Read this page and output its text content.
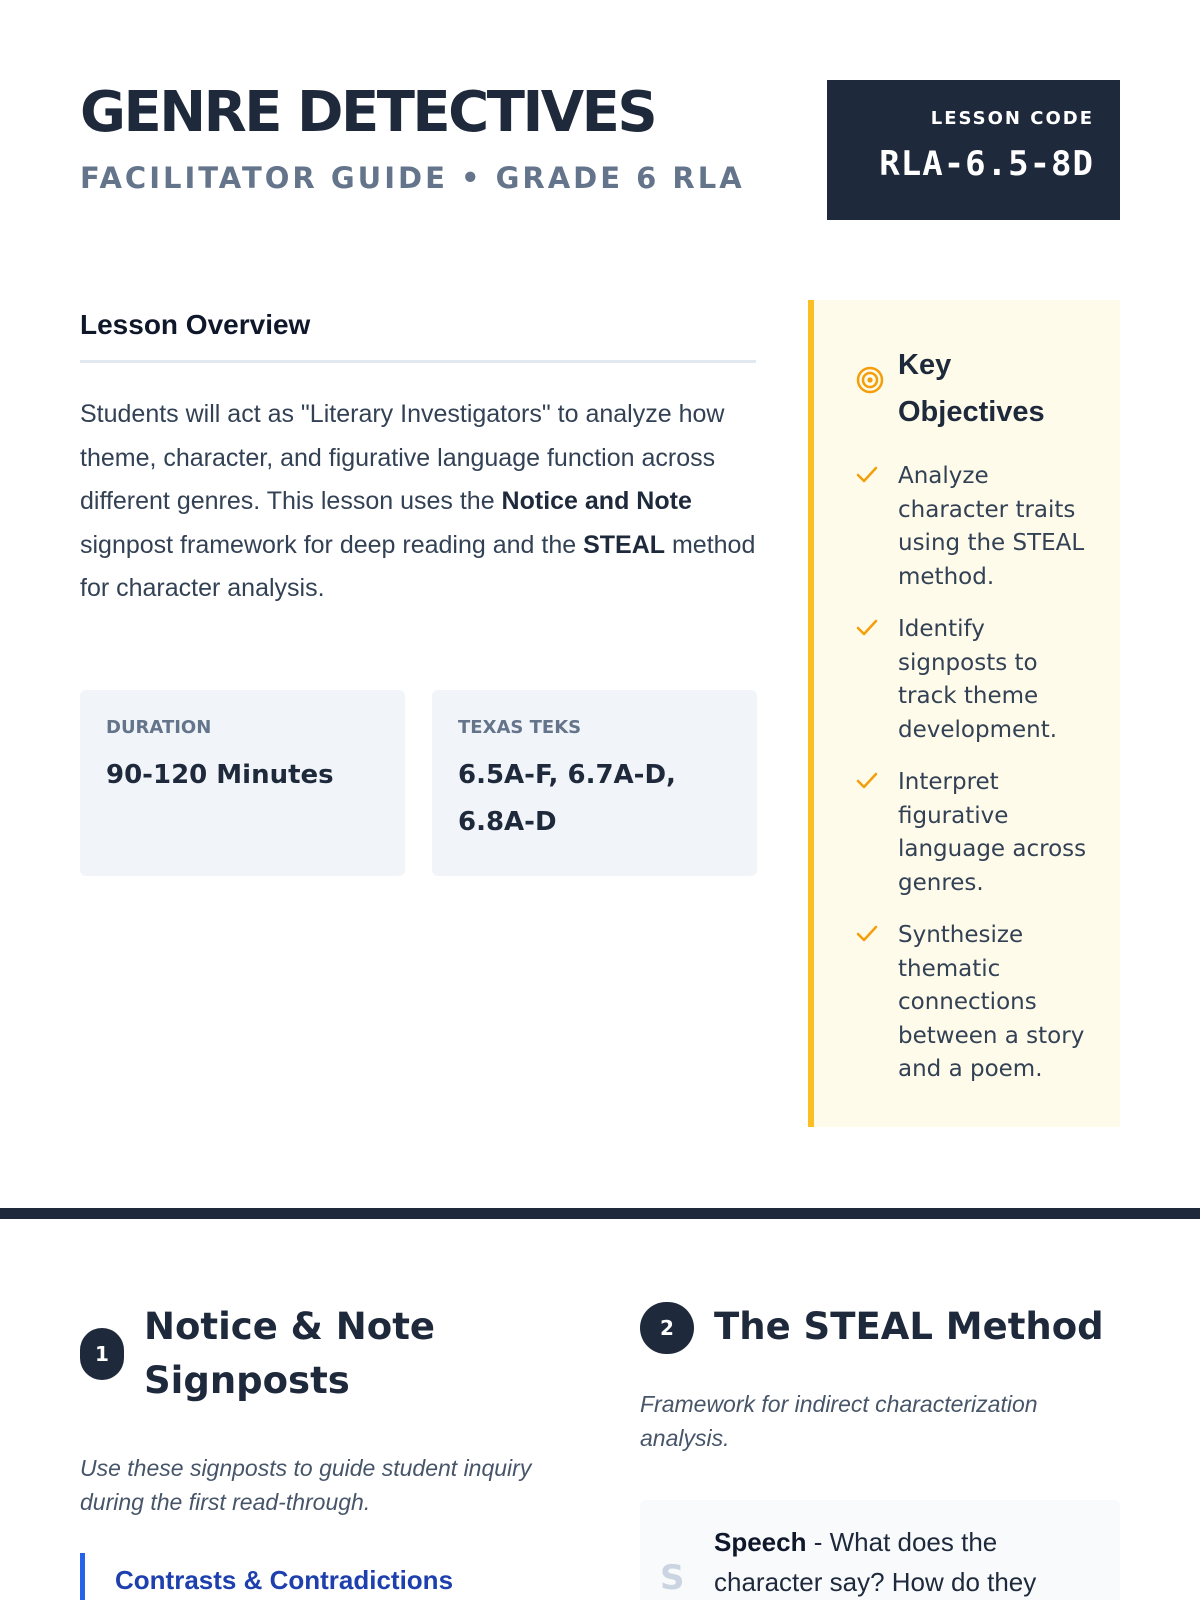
GENRE DETECTIVES
FACILITATOR GUIDE • GRADE 6 RLA
LESSON CODE
RLA-6.5-8D
Lesson Overview

Students will act as "Literary Investigators" to analyze how theme, character, and figurative language function across different genres. This lesson uses the Notice and Note signpost framework for deep reading and the STEAL method for character analysis.

DURATION
90-120 Minutes
TEXAS TEKS
6.5A-F, 6.7A-D, 6.8A-D
Key Objectives
Analyze character traits using the STEAL method.
Identify signposts to track theme development.
Interpret figurative language across genres.
Synthesize thematic connections between a story and a poem.
1
Notice & Note Signposts

Use these signposts to guide student inquiry during the first read-through.

Contrasts & Contradictions
2	The STEAL Method

Framework for indirect characterization analysis.

S

Speech - What does the character say? How do they
